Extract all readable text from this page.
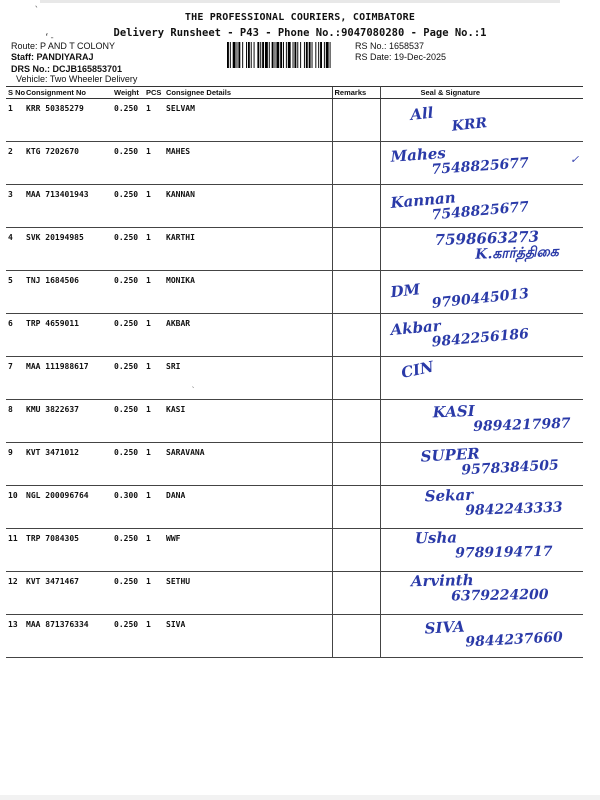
`
‘-
THE PROFESSIONAL COURIERS, COIMBATORE
Delivery Runsheet - P43 - Phone No.:9047080280 - Page No.:1
Route: P AND T COLONY
Staff: PANDIYARAJ
DRS No.: DCJB165853701
Vehicle: Two Wheeler Delivery
RS No.: 1658537
RS Date: 19-Dec-2025
S No	Consignment No	Weight	PCS	Consignee Details	Remarks	Seal & Signature
1	KRR 50385279	0.250	1	SELVAM		All
KRR

2	KTG 7202670	0.250	1	MAHES		Mahes
7548825677

3	MAA 713401943	0.250	1	KANNAN		Kannan
7548825677

4	SVK 20194985	0.250	1	KARTHI		7598663273
K.கார்த்திகை

5	TNJ 1684506	0.250	1	MONIKA		DM 9790445013

6	TRP 4659011	0.250	1	AKBAR		Akbar
9842256186

7	MAA 111988617	0.250	1	SRI		CIN

8	KMU 3822637	0.250	1	KASI		KASI
9894217987

9	KVT 3471012	0.250	1	SARAVANA		SUPER
9578384505

10	NGL 200096764	0.300	1	DANA		Sekar
9842243333

11	TRP 7084305	0.250	1	WWF		Usha
9789194717

12	KVT 3471467	0.250	1	SETHU		Arvinth
6379224200

13	MAA 871376334	0.250	1	SIVA		SIVA
9844237660
✓
`
